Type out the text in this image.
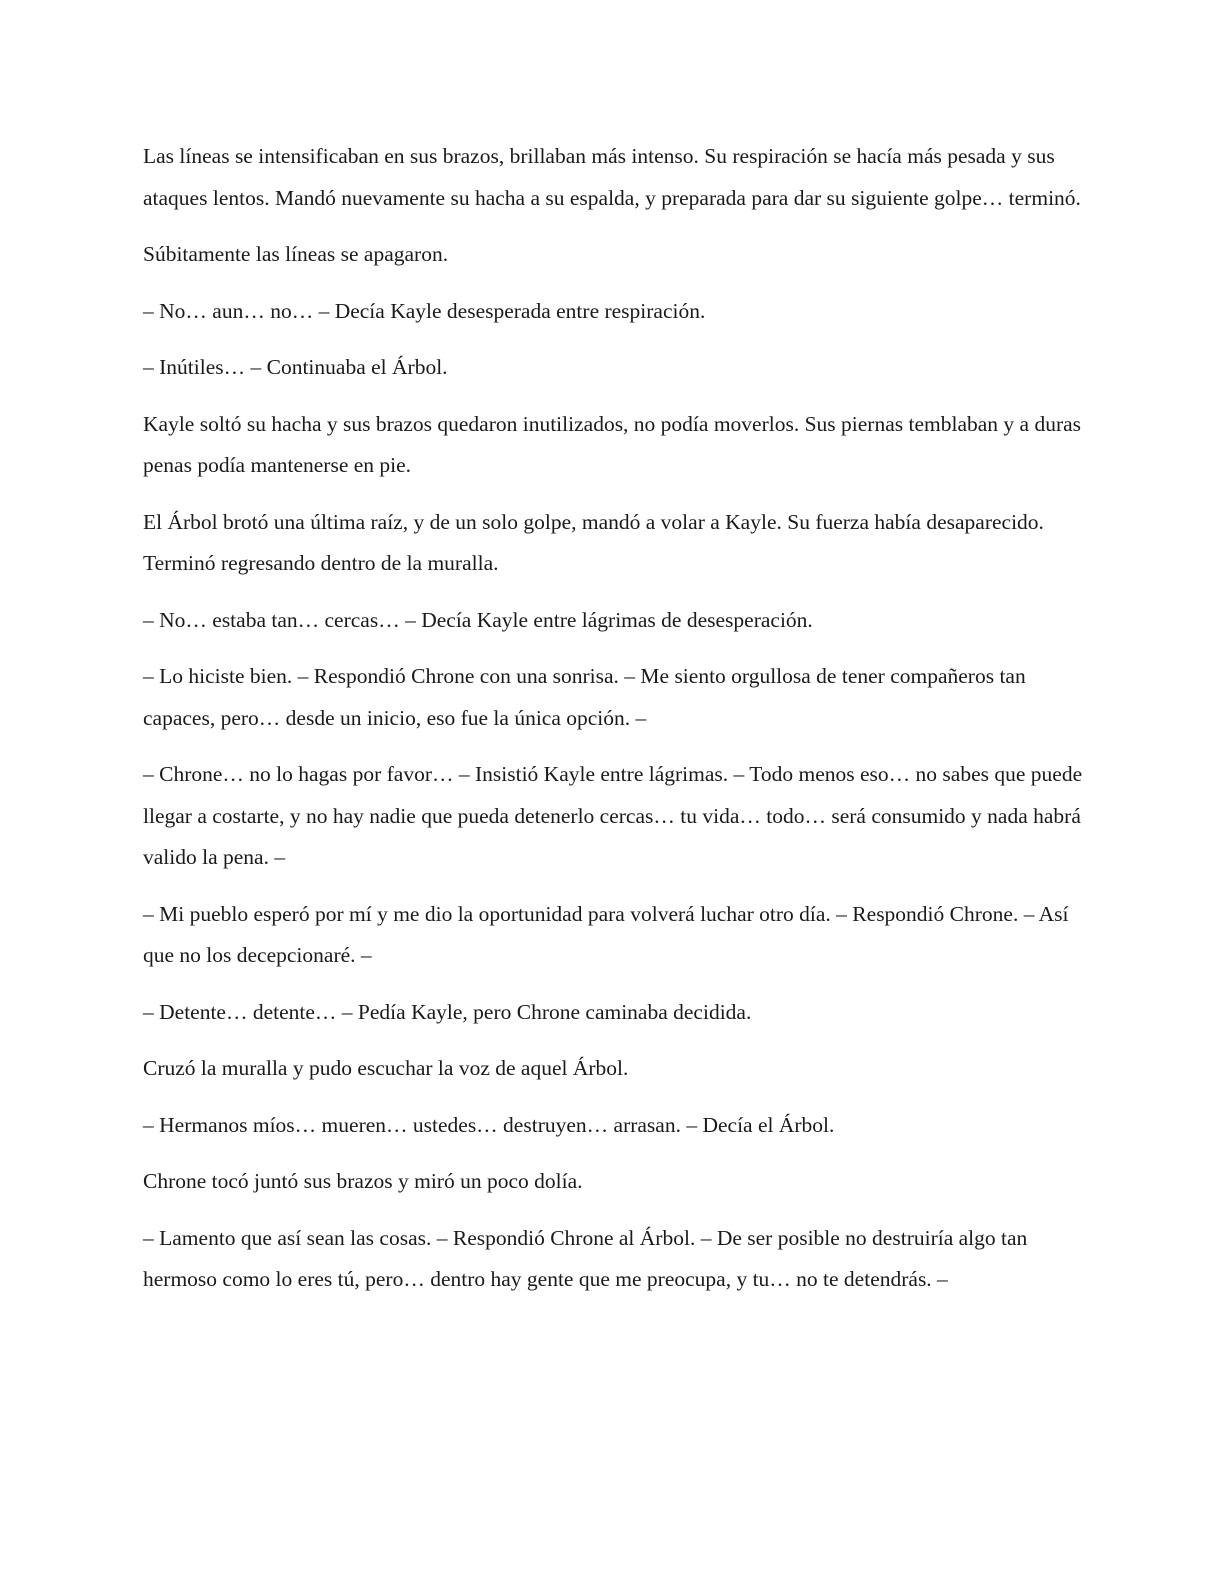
Las líneas se intensificaban en sus brazos, brillaban más intenso. Su respiración se hacía más pesada y sus ataques lentos. Mandó nuevamente su hacha a su espalda, y preparada para dar su siguiente golpe… terminó.

Súbitamente las líneas se apagaron.

– No… aun… no… – Decía Kayle desesperada entre respiración.

– Inútiles… – Continuaba el Árbol.

Kayle soltó su hacha y sus brazos quedaron inutilizados, no podía moverlos. Sus piernas temblaban y a duras penas podía mantenerse en pie.

El Árbol brotó una última raíz, y de un solo golpe, mandó a volar a Kayle. Su fuerza había desaparecido. Terminó regresando dentro de la muralla.

– No… estaba tan… cercas… – Decía Kayle entre lágrimas de desesperación.

– Lo hiciste bien. – Respondió Chrone con una sonrisa. – Me siento orgullosa de tener compañeros tan capaces, pero… desde un inicio, eso fue la única opción. –

– Chrone… no lo hagas por favor… – Insistió Kayle entre lágrimas. – Todo menos eso… no sabes que puede llegar a costarte, y no hay nadie que pueda detenerlo cercas… tu vida… todo… será consumido y nada habrá valido la pena. –

– Mi pueblo esperó por mí y me dio la oportunidad para volverá luchar otro día. – Respondió Chrone. – Así que no los decepcionaré. –

– Detente… detente… – Pedía Kayle, pero Chrone caminaba decidida.

Cruzó la muralla y pudo escuchar la voz de aquel Árbol.

– Hermanos míos… mueren… ustedes… destruyen… arrasan. – Decía el Árbol.

Chrone tocó juntó sus brazos y miró un poco dolía.

– Lamento que así sean las cosas. – Respondió Chrone al Árbol. – De ser posible no destruiría algo tan hermoso como lo eres tú, pero… dentro hay gente que me preocupa, y tu… no te detendrás. –
